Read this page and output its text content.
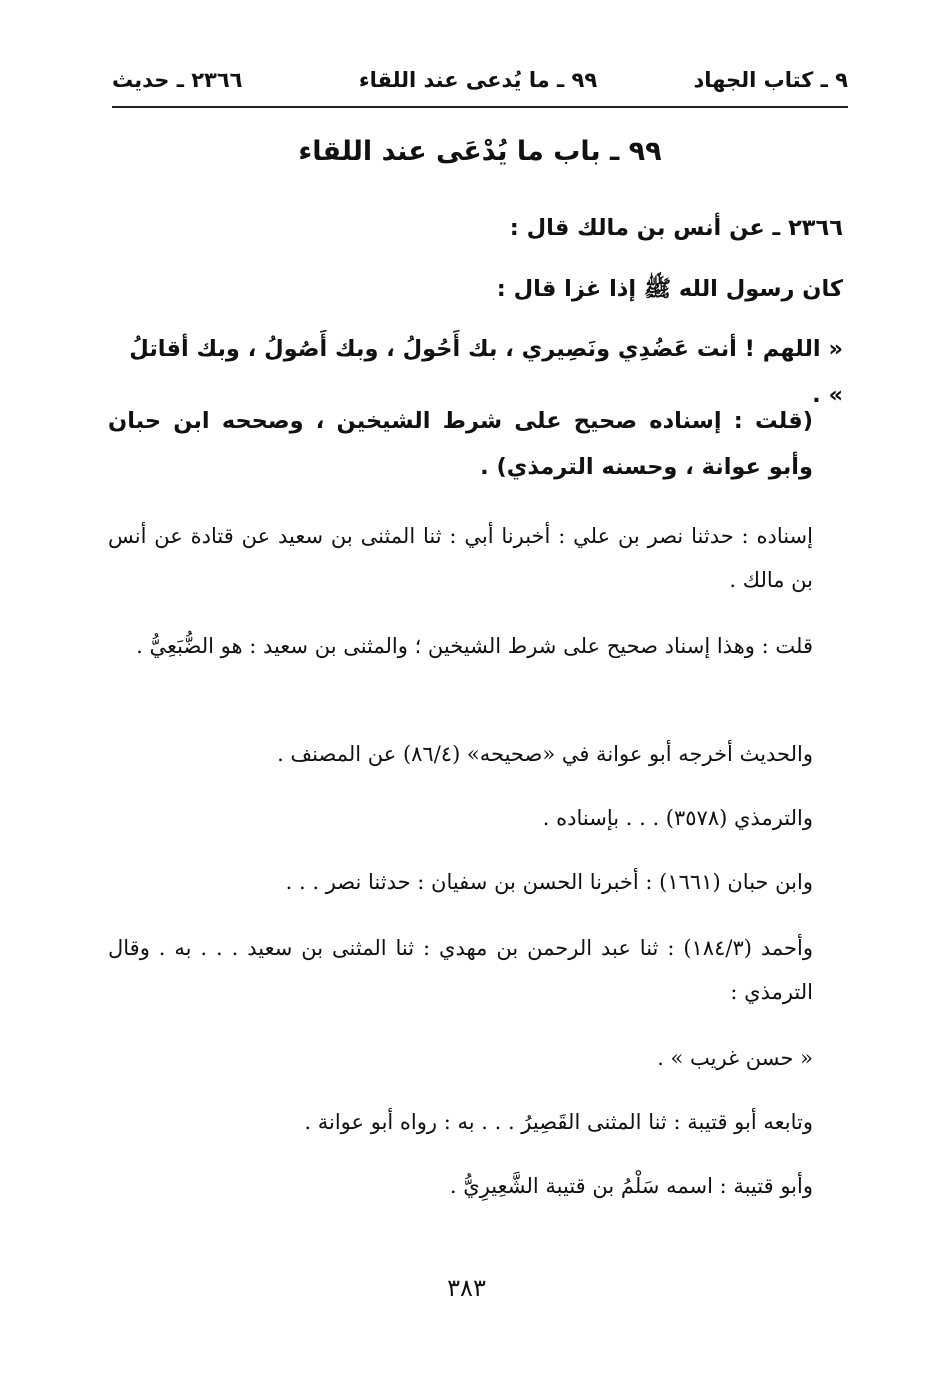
٩ ـ كتاب الجهاد
٩٩ ـ ما يُدعى عند اللقاء
٢٣٦٦ ـ حديث
٩٩ ـ باب ما يُدْعَى عند اللقاء
٢٣٦٦ ـ عن أنس بن مالك قال :
كان رسول الله ﷺ إذا غزا قال :
« اللهم ! أنت عَضُدِي ونَصِيري ، بك أَحُولُ ، وبك أَصُولُ ، وبك أقاتلُ » .
(قلت : إسناده صحيح على شرط الشيخين ، وصححه ابن حبان وأبو عوانة ، وحسنه الترمذي) .
إسناده : حدثنا نصر بن علي : أخبرنا أبي : ثنا المثنى بن سعيد عن قتادة عن أنس بن مالك .
قلت : وهذا إسناد صحيح على شرط الشيخين ؛ والمثنى بن سعيد : هو الضُّبَعِيُّ .
والحديث أخرجه أبو عوانة في «صحيحه» (٨٦/٤) عن المصنف .
والترمذي (٣٥٧٨) . . . بإسناده .
وابن حبان (١٦٦١) : أخبرنا الحسن بن سفيان : حدثنا نصر . . .
وأحمد (١٨٤/٣) : ثنا عبد الرحمن بن مهدي : ثنا المثنى بن سعيد . . . به . وقال الترمذي :
« حسن غريب » .
وتابعه أبو قتيبة : ثنا المثنى القَصِيرُ . . . به : رواه أبو عوانة .
وأبو قتيبة : اسمه سَلْمُ بن قتيبة الشَّعِيرِيُّ .
٣٨٣
